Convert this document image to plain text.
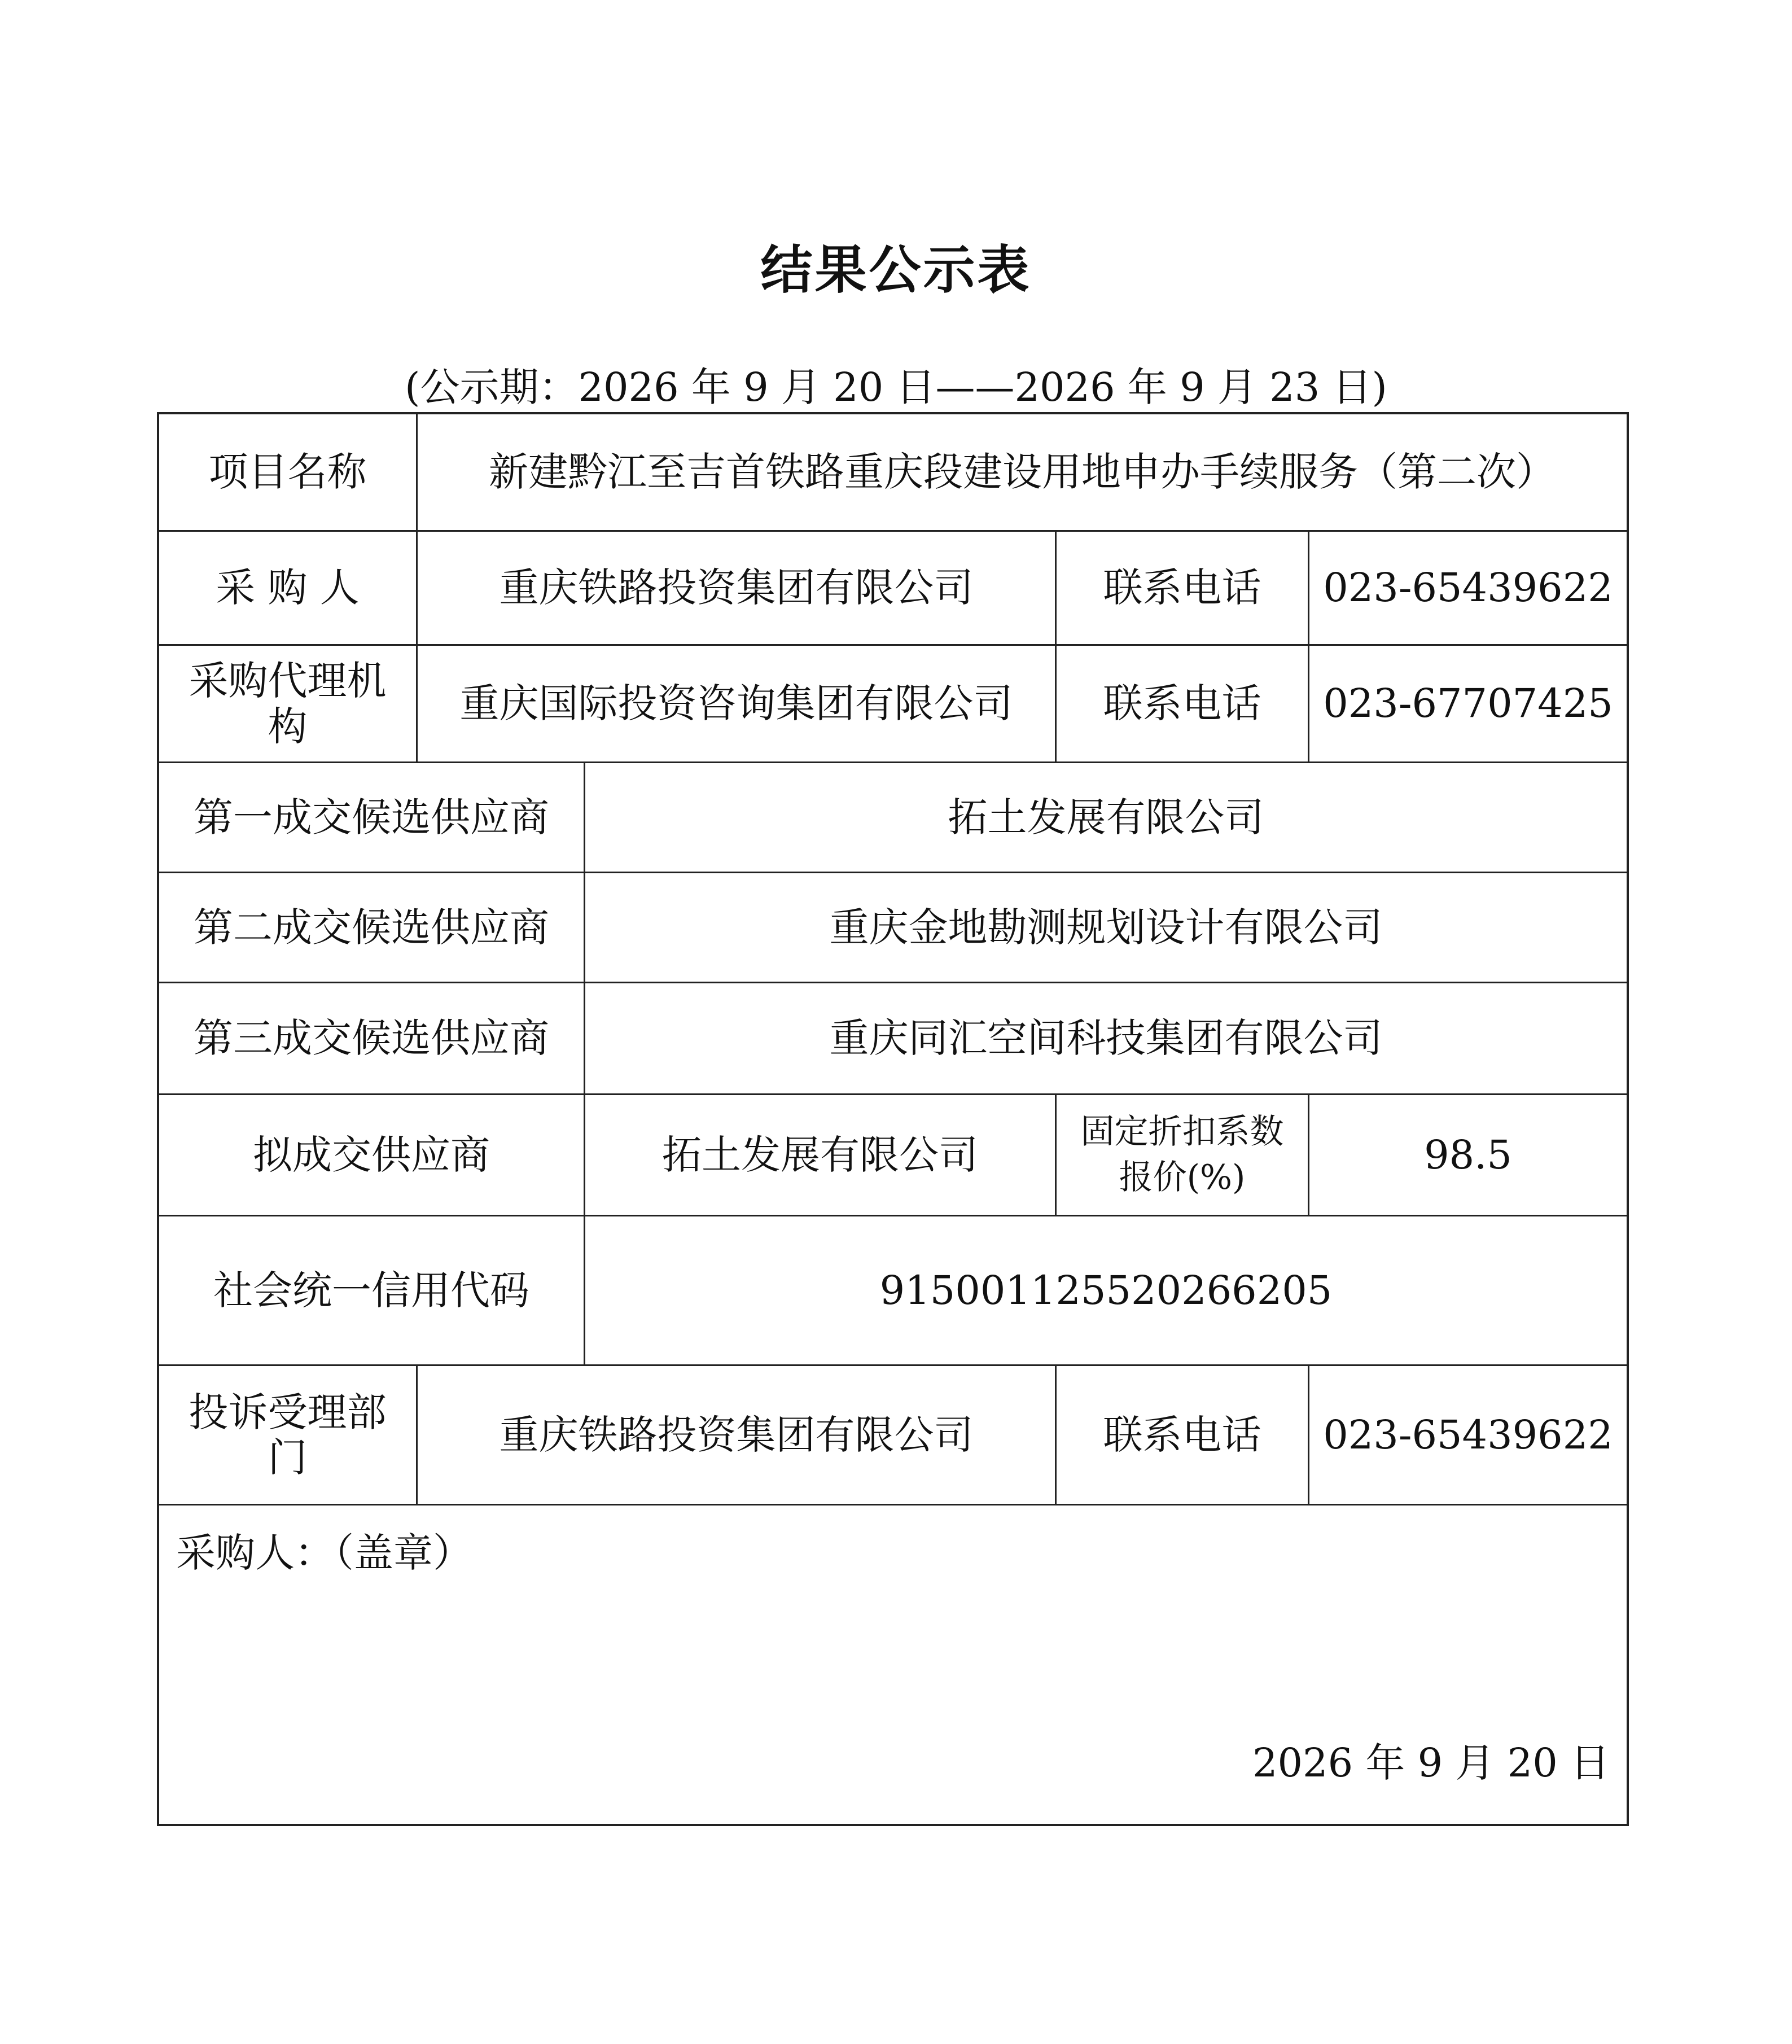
结果公示表
(公示期：2026 年 9 月 20 日——2026 年 9 月 23 日)
项目名称	新建黔江至吉首铁路重庆段建设用地申办手续服务（第二次）
采 购 人	重庆铁路投资集团有限公司	联系电话	023-65439622
采购代理机构	重庆国际投资咨询集团有限公司	联系电话	023-67707425
第一成交候选供应商	拓土发展有限公司
第二成交候选供应商	重庆金地勘测规划设计有限公司
第三成交候选供应商	重庆同汇空间科技集团有限公司
拟成交供应商	拓土发展有限公司	固定折扣系数报价(%)	98.5
社会统一信用代码	915001125520266205
投诉受理部门	重庆铁路投资集团有限公司	联系电话	023-65439622
采购人：（盖章）
2026 年 9 月 20 日
